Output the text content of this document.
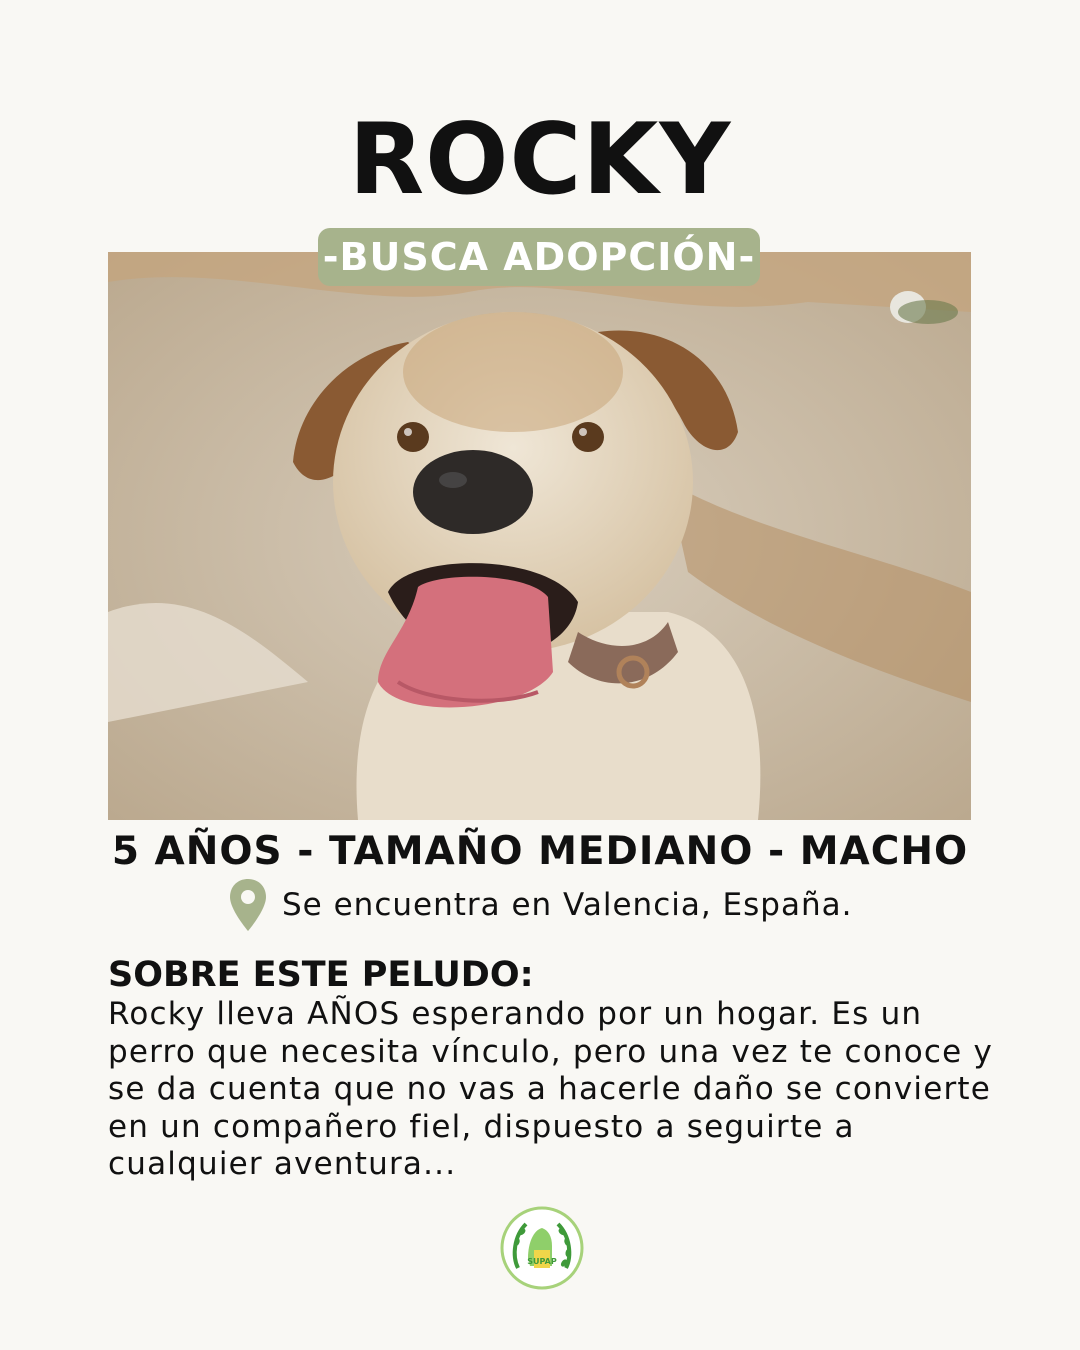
ROCKY
-BUSCA ADOPCIÓN-
5 AÑOS - TAMAÑO MEDIANO - MACHO
Se encuentra en Valencia, España.
SOBRE ESTE PELUDO:
Rocky lleva AÑOS esperando por un hogar. Es un
perro que necesita vínculo, pero una vez te conoce y
se da cuenta que no vas a hacerle daño se convierte
en un compañero fiel, dispuesto a seguirte a
cualquier aventura...
SUPAP
